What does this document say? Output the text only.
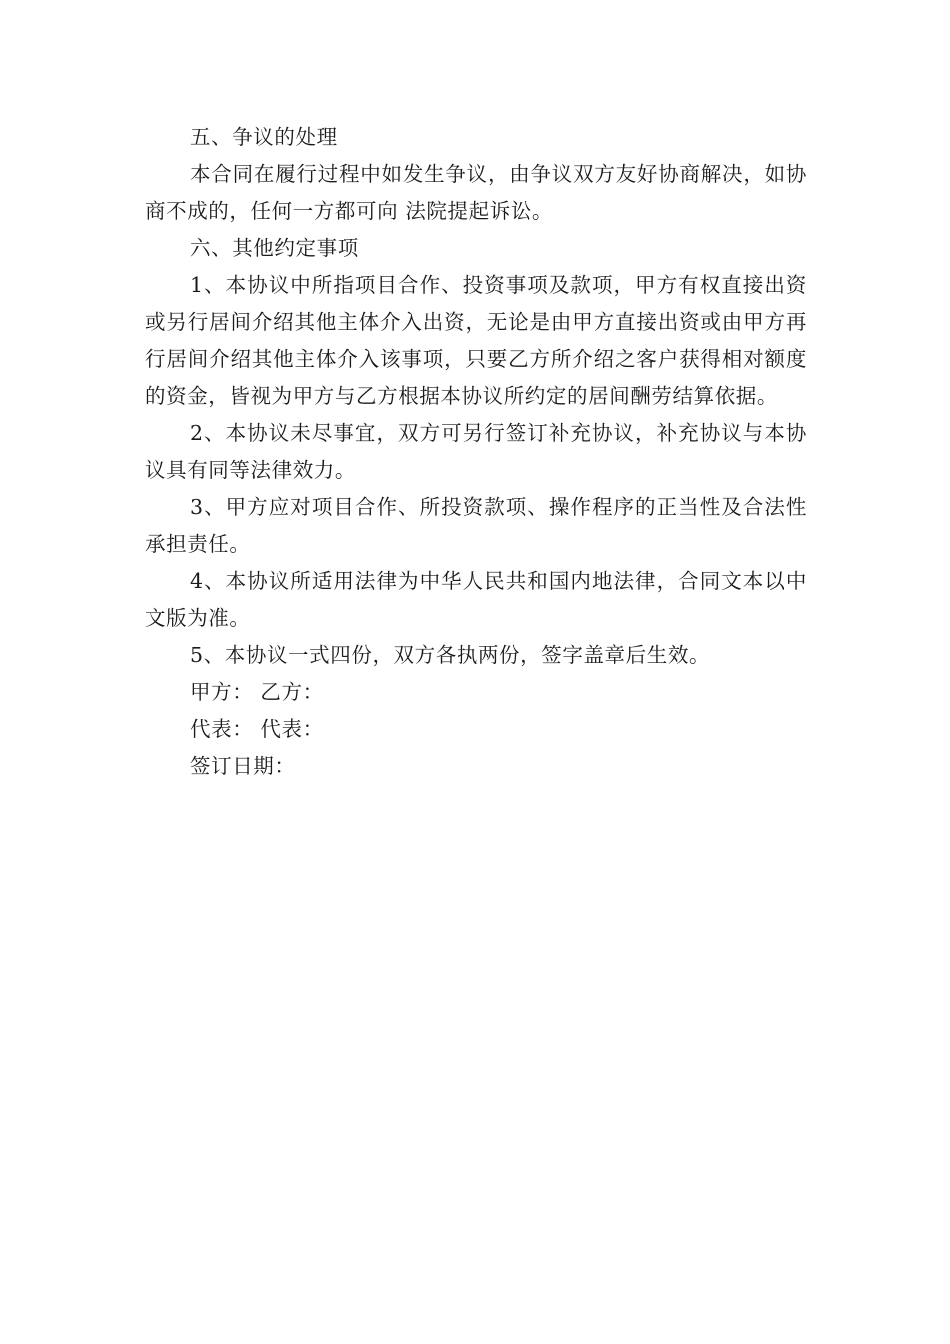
五、争议的处理

本合同在履行过程中如发生争议，由争议双方友好协商解决，如协商不成的，任何一方都可向 法院提起诉讼。

六、其他约定事项

1、本协议中所指项目合作、投资事项及款项，甲方有权直接出资或另行居间介绍其他主体介入出资，无论是由甲方直接出资或由甲方再行居间介绍其他主体介入该事项，只要乙方所介绍之客户获得相对额度的资金，皆视为甲方与乙方根据本协议所约定的居间酬劳结算依据。

2、本协议未尽事宜，双方可另行签订补充协议，补充协议与本协议具有同等法律效力。

3、甲方应对项目合作、所投资款项、操作程序的正当性及合法性承担责任。

4、本协议所适用法律为中华人民共和国内地法律，合同文本以中文版为准。

5、本协议一式四份，双方各执两份，签字盖章后生效。

甲方： 乙方：

代表： 代表：

签订日期：
